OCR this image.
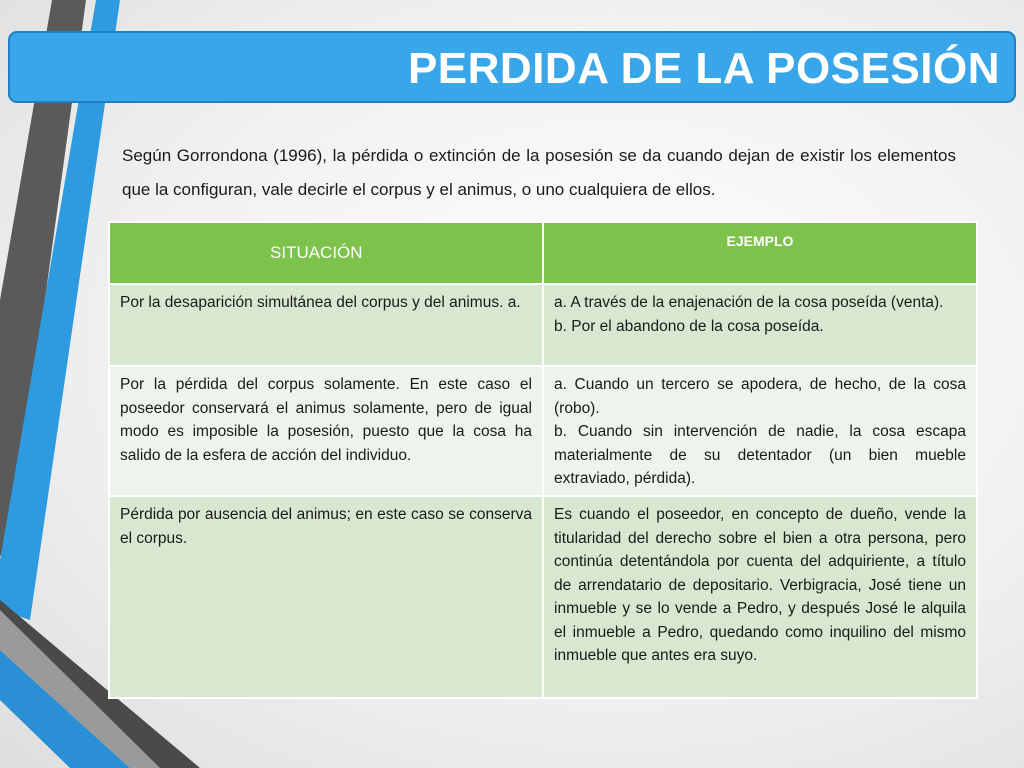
PERDIDA DE LA POSESIÓN

Según Gorrondona (1996), la pérdida o extinción de la posesión se da cuando dejan de existir los elementos que la configuran, vale decirle el corpus y el animus, o uno cualquiera de ellos.

SITUACIÓN	EJEMPLO
Por la desaparición simultánea del corpus y del animus. a.	a. A través de la enajenación de la cosa poseída (venta).
b. Por el abandono de la cosa poseída.
Por la pérdida del corpus solamente. En este caso el poseedor conservará el animus solamente, pero de igual modo es imposible la posesión, puesto que la cosa ha salido de la esfera de acción del individuo.	a. Cuando un tercero se apodera, de hecho, de la cosa (robo).
b. Cuando sin intervención de nadie, la cosa escapa materialmente de su detentador (un bien mueble extraviado, pérdida).
Pérdida por ausencia del animus; en este caso se conserva el corpus.	Es cuando el poseedor, en concepto de dueño, vende la titularidad del derecho sobre el bien a otra persona, pero continúa detentándola por cuenta del adquiriente, a título de arrendatario de depositario. Verbigracia, José tiene un inmueble y se lo vende a Pedro, y después José le alquila el inmueble a Pedro, quedando como inquilino del mismo inmueble que antes era suyo.
